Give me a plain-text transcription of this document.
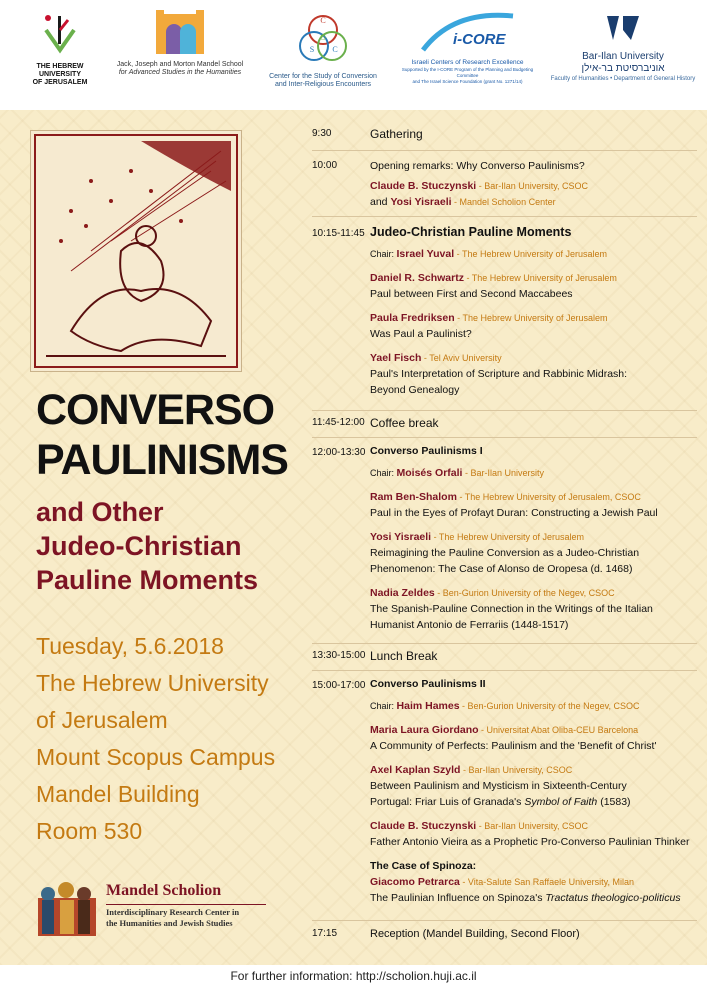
THE HEBREW
UNIVERSITY
OF JERUSALEM
Jack, Joseph and Morton Mandel School
for Advanced Studies in the Humanities
C
S
O
C
Center for the Study of Conversion
and Inter-Religious Encounters
i-CORE
Israeli Centers of Research Excellence
Supported by the I-CORE Program of the Planning and Budgeting Committee
and The Israel Science Foundation (grant No. 1271/14)
Bar-Ilan University
אוניברסיטת בר-אילן
Faculty of Humanities • Department of General History
CONVERSO
PAULINISMS
and Other
Judeo-Christian
Pauline Moments
Tuesday, 5.6.2018
The Hebrew University
of Jerusalem
Mount Scopus Campus
Mandel Building
Room 530
Mandel Scholion
Interdisciplinary Research Center in
the Humanities and Jewish Studies
9:30	Gathering
10:00	Opening remarks: Why Converso Paulinisms?
Claude B. Stuczynski - Bar-Ilan University, CSOC
and Yosi Yisraeli - Mandel Scholion Center
10:15-11:45 Judeo-Christian Pauline Moments
Chair: Israel Yuval - The Hebrew University of Jerusalem
Daniel R. Schwartz - The Hebrew University of Jerusalem
Paul between First and Second Maccabees
Paula Fredriksen - The Hebrew University of Jerusalem
Was Paul a Paulinist?
Yael Fisch - Tel Aviv University
Paul's Interpretation of Scripture and Rabbinic Midrash:
Beyond Genealogy
11:45-12:00 Coffee break
12:00-13:30 Converso Paulinisms I
Chair: Moisés Orfali - Bar-Ilan University
Ram Ben-Shalom - The Hebrew University of Jerusalem, CSOC
Paul in the Eyes of Profayt Duran: Constructing a Jewish Paul
Yosi Yisraeli - The Hebrew University of Jerusalem
Reimagining the Pauline Conversion as a Judeo-Christian
Phenomenon: The Case of Alonso de Oropesa (d. 1468)
Nadia Zeldes - Ben-Gurion University of the Negev, CSOC
The Spanish-Pauline Connection in the Writings of the Italian
Humanist Antonio de Ferrariis (1448-1517)
13:30-15:00 Lunch Break
15:00-17:00 Converso Paulinisms II
Chair: Haim Hames - Ben-Gurion University of the Negev, CSOC
Maria Laura Giordano - Universitat Abat Oliba-CEU Barcelona
A Community of Perfects: Paulinism and the 'Benefit of Christ'
Axel Kaplan Szyld - Bar-Ilan University, CSOC
Between Paulinism and Mysticism in Sixteenth-Century
Portugal: Friar Luis of Granada's Symbol of Faith (1583)
Claude B. Stuczynski - Bar-Ilan University, CSOC
Father Antonio Vieira as a Prophetic Pro-Converso Paulinian Thinker
The Case of Spinoza:
Giacomo Petrarca - Vita-Salute San Raffaele University, Milan
The Paulinian Influence on Spinoza's Tractatus theologico-politicus
17:15	Reception (Mandel Building, Second Floor)
For further information: http://scholion.huji.ac.il
